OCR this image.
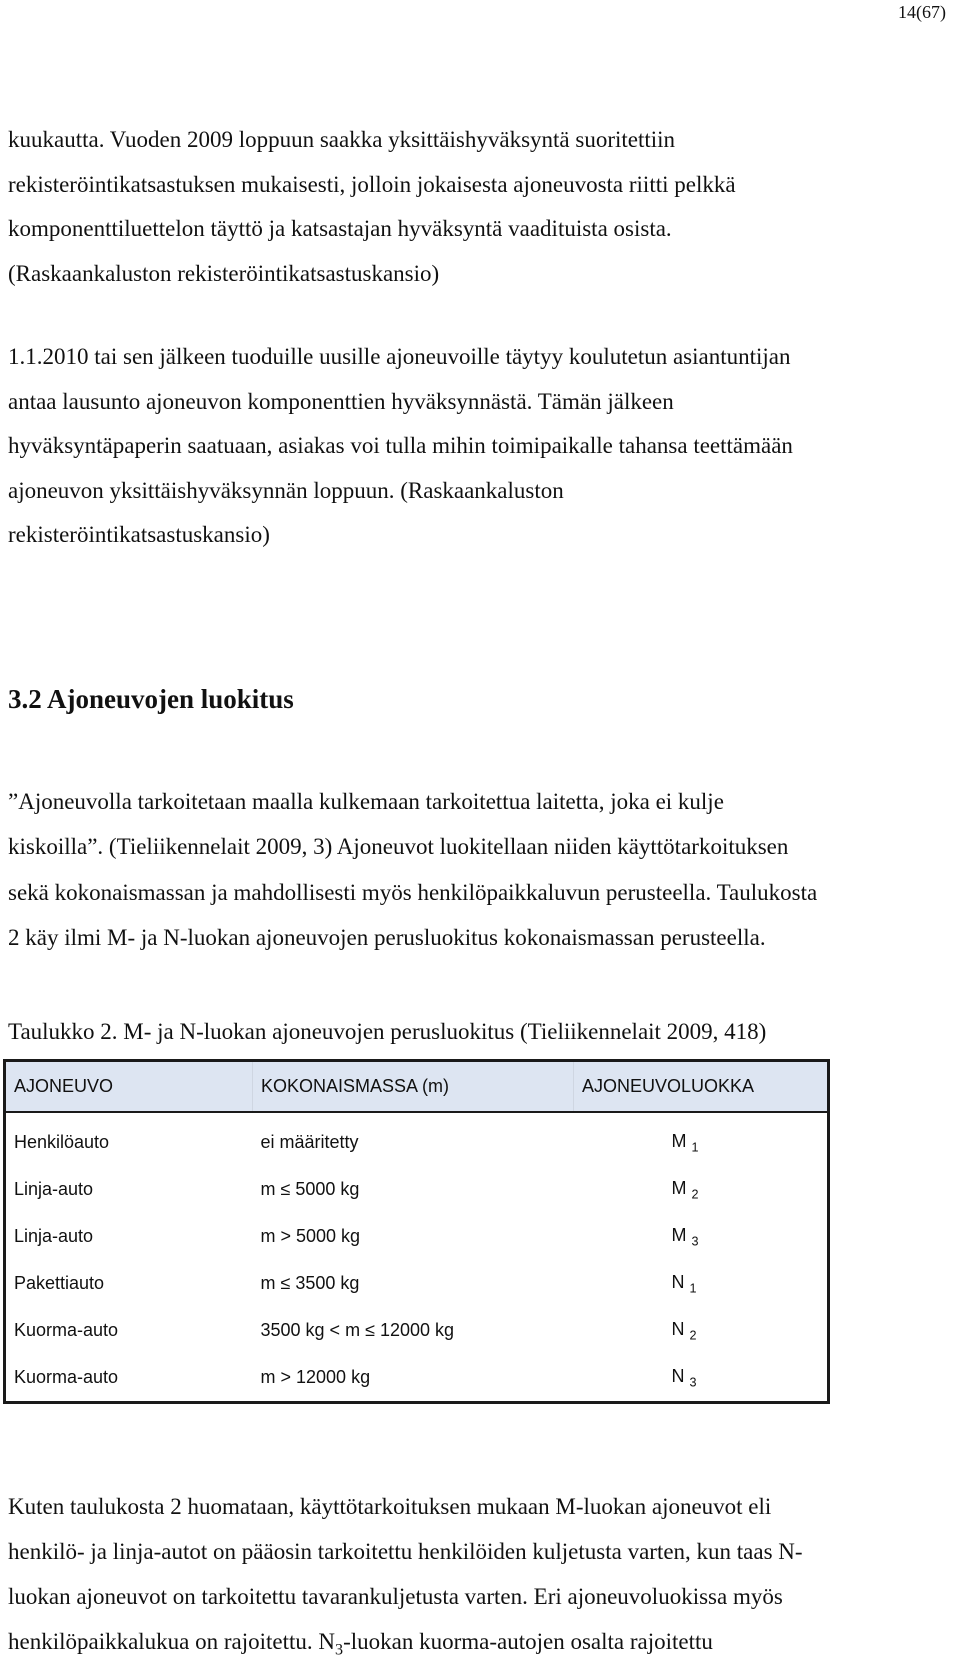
14(67)

kuukautta. Vuoden 2009 loppuun saakka yksittäishyväksyntä suoritettiin
rekisteröintikatsastuksen mukaisesti, jolloin jokaisesta ajoneuvosta riitti pelkkä
komponenttiluettelon täyttö ja katsastajan hyväksyntä vaadituista osista.
(Raskaankaluston rekisteröintikatsastuskansio)

1.1.2010 tai sen jälkeen tuoduille uusille ajoneuvoille täytyy koulutetun asiantuntijan
antaa lausunto ajoneuvon komponenttien hyväksynnästä. Tämän jälkeen
hyväksyntäpaperin saatuaan, asiakas voi tulla mihin toimipaikalle tahansa teettämään
ajoneuvon yksittäishyväksynnän loppuun. (Raskaankaluston
rekisteröintikatsastuskansio)

3.2 Ajoneuvojen luokitus

”Ajoneuvolla tarkoitetaan maalla kulkemaan tarkoitettua laitetta, joka ei kulje
kiskoilla”. (Tieliikennelait 2009, 3) Ajoneuvot luokitellaan niiden käyttötarkoituksen
sekä kokonaismassan ja mahdollisesti myös henkilöpaikkaluvun perusteella. Taulukosta
2 käy ilmi M- ja N-luokan ajoneuvojen perusluokitus kokonaismassan perusteella.

Taulukko 2. M- ja N-luokan ajoneuvojen perusluokitus (Tieliikennelait 2009, 418)
AJONEUVO	KOKONAISMASSA (m)	AJONEUVOLUOKKA
Henkilöauto	ei määritetty	M $_1$
Linja-auto	m ≤ 5000 kg	M $_2$
Linja-auto	m > 5000 kg	M $_3$
Pakettiauto	m ≤ 3500 kg	N $_1$
Kuorma-auto	3500 kg < m ≤ 12000 kg	N $_2$
Kuorma-auto	m > 12000 kg	N $_3$

Kuten taulukosta 2 huomataan, käyttötarkoituksen mukaan M-luokan ajoneuvot eli
henkilö- ja linja-autot on pääosin tarkoitettu henkilöiden kuljetusta varten, kun taas N-
luokan ajoneuvot on tarkoitettu tavarankuljetusta varten. Eri ajoneuvoluokissa myös
henkilöpaikkalukua on rajoitettu. $N_3$-luokan kuorma-autojen osalta rajoitettu
